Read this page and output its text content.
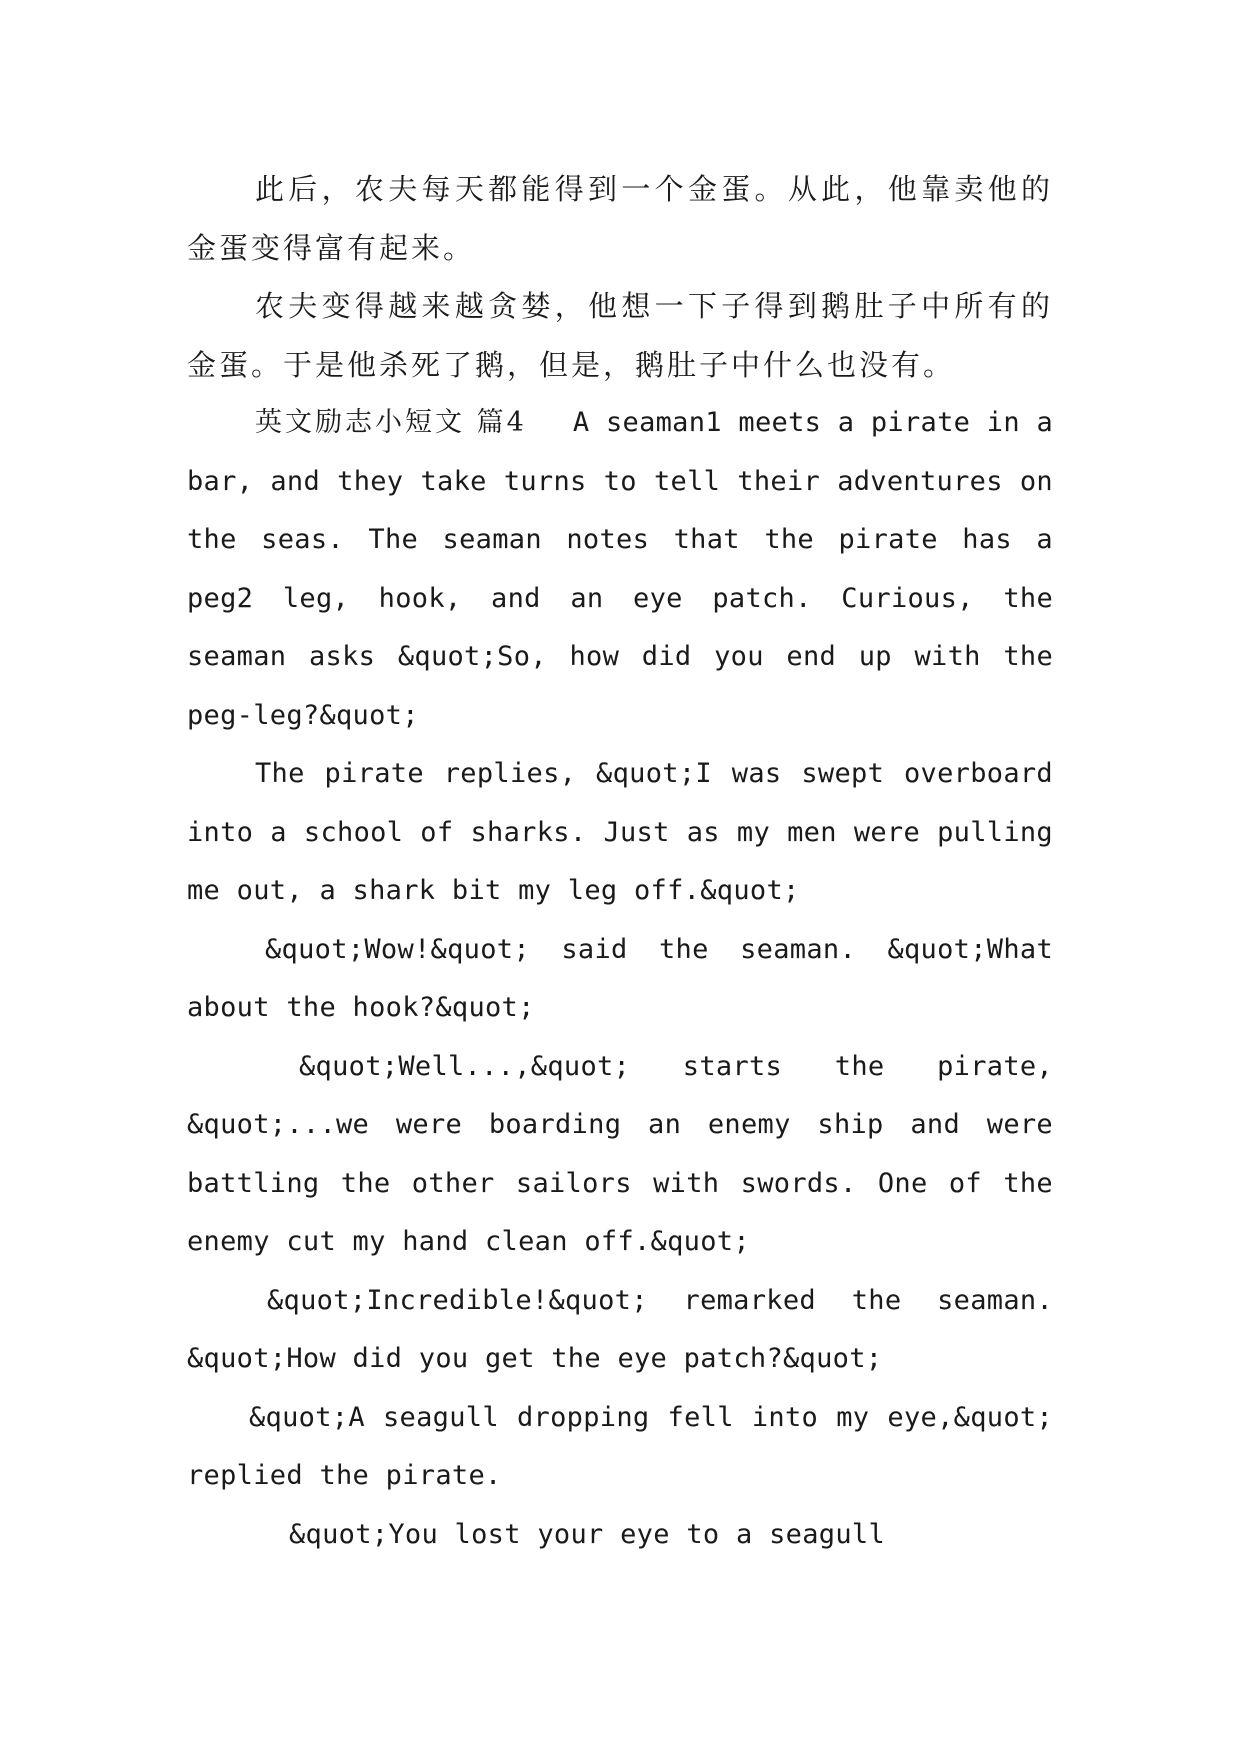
此后，农夫每天都能得到一个金蛋。从此，他靠卖他的金蛋变得富有起来。

农夫变得越来越贪婪，他想一下子得到鹅肚子中所有的金蛋。于是他杀死了鹅，但是，鹅肚子中什么也没有。

英文励志小短文 篇4 A seaman1 meets a pirate in a bar, and they take turns to tell their adventures on the seas. The seaman notes that the pirate has a peg2 leg, hook, and an eye patch. Curious, the seaman asks &quot;So, how did you end up with the peg-leg?&quot;

The pirate replies, &quot;I was swept overboard into a school of sharks. Just as my men were pulling me out, a shark bit my leg off.&quot;

&quot;Wow!&quot; said the seaman. &quot;What about the hook?&quot;

&quot;Well...,&quot; starts the pirate, &quot;...we were boarding an enemy ship and were battling the other sailors with swords. One of the enemy cut my hand clean off.&quot;

&quot;Incredible!&quot; remarked the seaman. &quot;How did you get the eye patch?&quot;

&quot;A seagull dropping fell into my eye,&quot; replied the pirate.

&quot;You lost your eye to a seagull
